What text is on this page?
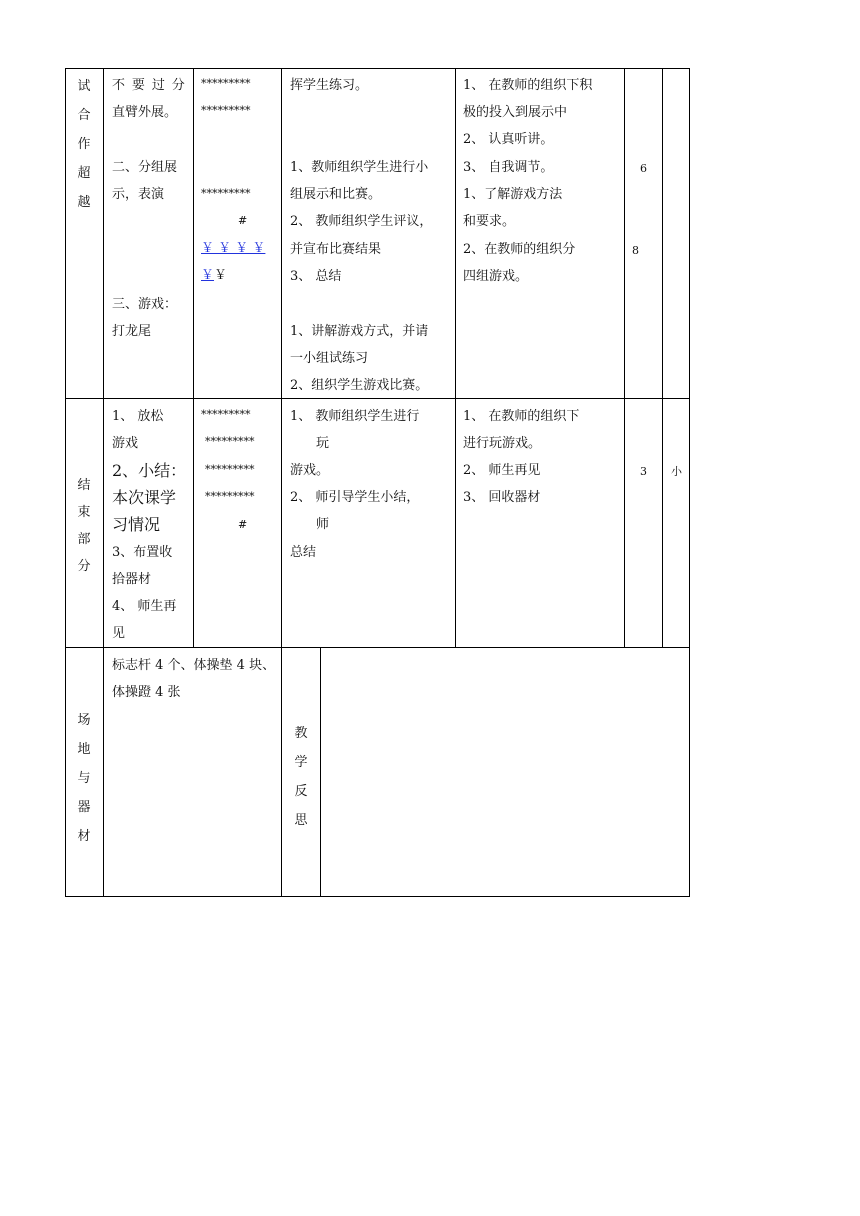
试合作超越
不 要 过 分
直臂外展。
二、分组展
示，表演
三、游戏：
打龙尾
*********
*********
*********
#
￥ ￥ ￥ ￥
￥￥
挥学生练习。
1、教师组织学生进行小
组展示和比赛。
2、 教师组织学生评议，
并宣布比赛结果
3、 总结
1、讲解游戏方式，并请
一小组试练习
2、组织学生游戏比赛。
1、 在教师的组织下积
极的投入到展示中
2、 认真听讲。
3、 自我调节。
1、了解游戏方法
和要求。
2、在教师的组织分
四组游戏。
6
8
结束部分
1、 放松
游戏
2、小结：
本次课学
习情况
3、布置收
拾器材
4、 师生再
见
*********
*********
*********
*********
#
1、 教师组织学生进行
玩
游戏。
2、 师引导学生小结，
师
总结
1、 在教师的组织下
进行玩游戏。
2、 师生再见
3、 回收器材
3 小
场地与器材
标志杆 4 个、体操垫 4 块、
体操蹬 4 张
教学反思
